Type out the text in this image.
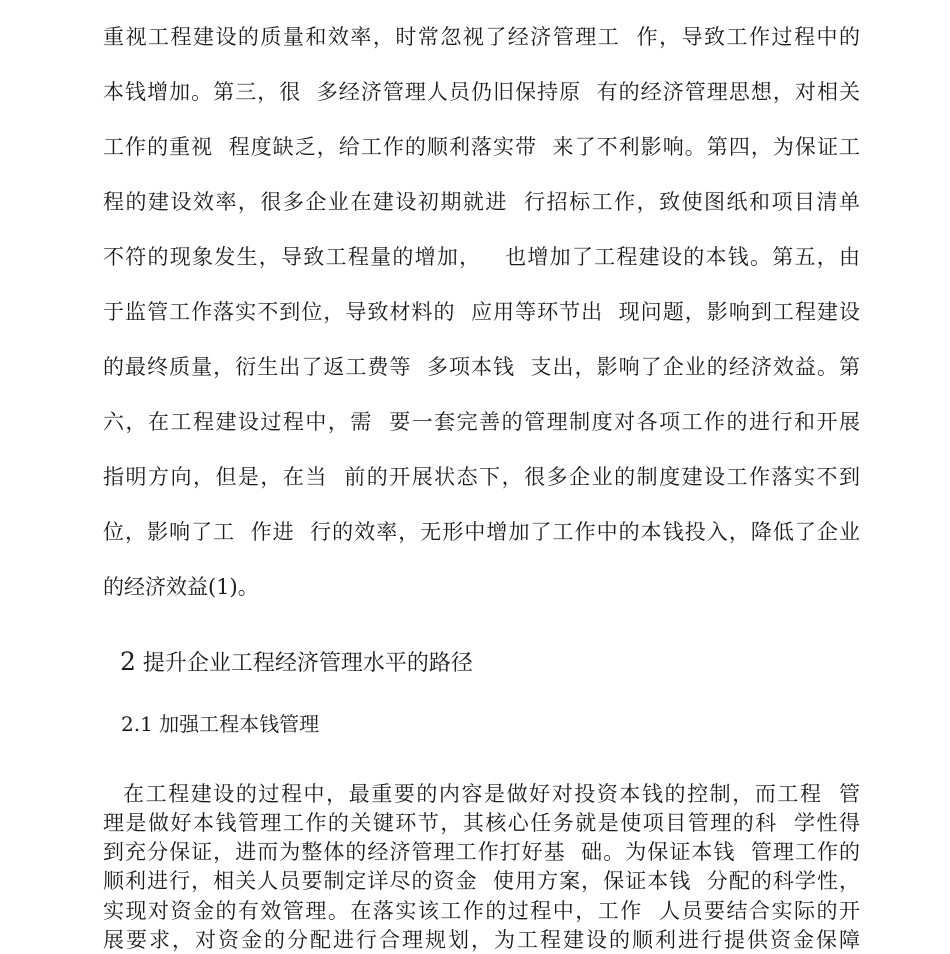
重视工程建设的质量和效率，时常忽视了经济管理工  作，导致工作过程中的
本钱增加。第三，很  多经济管理人员仍旧保持原  有的经济管理思想，对相关
工作的重视  程度缺乏，给工作的顺利落实带  来了不利影响。第四，为保证工
程的建设效率，很多企业在建设初期就进  行招标工作，致使图纸和项目清单
不符的现象发生，导致工程量的增加，   也增加了工程建设的本钱。第五，由
于监管工作落实不到位，导致材料的  应用等环节出  现问题，影响到工程建设
的最终质量，衍生出了返工费等  多项本钱  支出，影响了企业的经济效益。第
六，在工程建设过程中，需  要一套完善的管理制度对各项工作的进行和开展
指明方向，但是，在当  前的开展状态下，很多企业的制度建设工作落实不到
位，影响了工  作进  行的效率，无形中增加了工作中的本钱投入，降低了企业
的经济效益(1)。
2 提升企业工程经济管理水平的路径
2.1 加强工程本钱管理
在工程建设的过程中，最重要的内容是做好对投资本钱的控制，而工程  管
理是做好本钱管理工作的关键环节，其核心任务就是使项目管理的科  学性得
到充分保证，进而为整体的经济管理工作打好基  础。为保证本钱  管理工作的
顺利进行，相关人员要制定详尽的资金  使用方案，保证本钱  分配的科学性，
实现对资金的有效管理。在落实该工作的过程中，工作  人员要结合实际的开
展要求，对资金的分配进行合理规划，为工程建设的顺利进行提供资金保障
